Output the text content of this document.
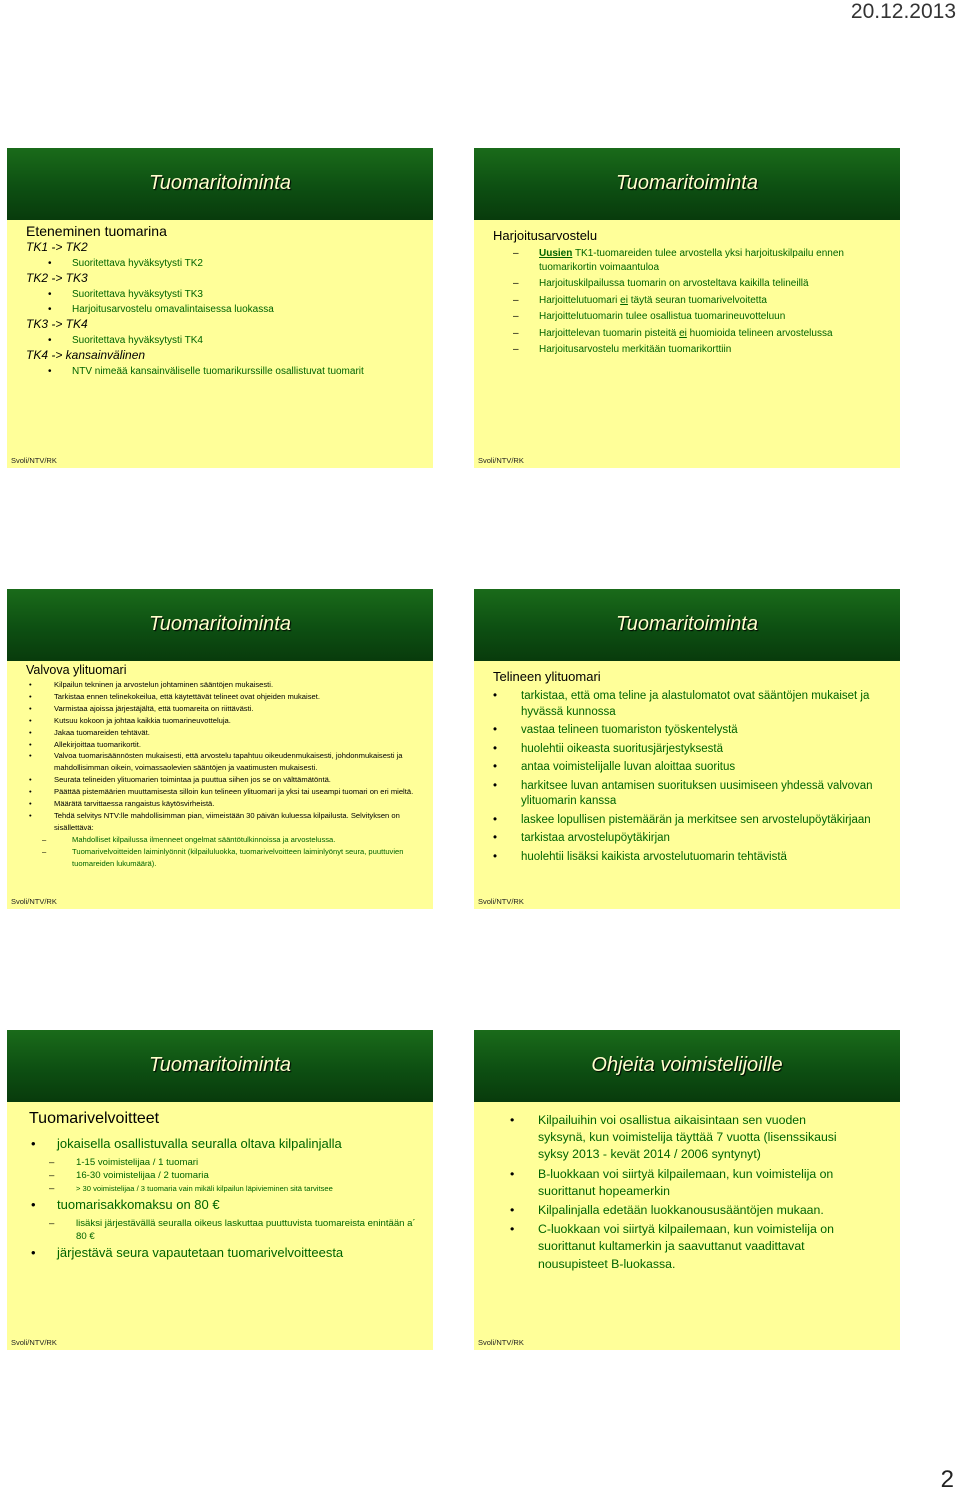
20.12.2013
Tuomaritoiminta
Eteneminen tuomarina
TK1 -> TK2
• Suoritettava hyväksytysti TK2
TK2 -> TK3
• Suoritettava hyväksytysti TK3
• Harjoitusarvostelu omavalintaisessa luokassa
TK3 -> TK4
• Suoritettava hyväksytysti TK4
TK4 -> kansainvälinen
• NTV nimeää kansainväliselle tuomarikurssille osallistuvat tuomarit
Svoli/NTV/RK
Tuomaritoiminta
Harjoitusarvostelu
– Uusien TK1-tuomareiden tulee arvostella yksi harjoituskilpailu ennen tuomarikortin voimaantuloa
– Harjoituskilpailussa tuomarin on arvosteltava kaikilla telineillä
– Harjoittelutuomari ei täytä seuran tuomarivelvoitetta
– Harjoittelutuomarin tulee osallistua tuomarineuvotteluun
– Harjoittelevan tuomarin pisteitä ei huomioida telineen arvostelussa
– Harjoitusarvostelu merkitään tuomarikorttiin
Svoli/NTV/RK
Tuomaritoiminta
Valvova ylituomari
•	Kilpailun tekninen ja arvostelun johtaminen sääntöjen mukaisesti.
•	Tarkistaa ennen telinekokeilua, että käytettävät telineet ovat ohjeiden mukaiset.
•	Varmistaa ajoissa järjestäjältä, että tuomareita on riittävästi.
•	Kutsuu kokoon ja johtaa kaikkia tuomarineuvotteluja.
•	Jakaa tuomareiden tehtävät.
•	Allekirjoittaa tuomarikortit.
•	Valvoa tuomarisäännösten mukaisesti, että arvostelu tapahtuu oikeudenmukaisesti, johdonmukaisesti ja mahdollisimman oikein, voimassaolevien sääntöjen ja vaatimusten mukaisesti.
•	Seurata telineiden ylituomarien toimintaa ja puuttua siihen jos se on välttämätöntä.
•	Päättää pistemäärien muuttamisesta silloin kun telineen ylituomari ja yksi tai useampi tuomari on eri mieltä.
•	Määrätä tarvittaessa rangaistus käytösvirheistä.
•	Tehdä selvitys NTV:lle mahdollisimman pian, viimeistään 30 päivän kuluessa kilpailusta. Selvityksen on sisällettävä:
–	Mahdolliset kilpailussa ilmenneet ongelmat sääntötulkinnoissa ja arvostelussa.
–	Tuomarivelvoitteiden laiminlyönnit (kilpailuluokka, tuomarivelvoitteen laiminlyönyt seura, puuttuvien tuomareiden lukumäärä).
Svoli/NTV/RK
Tuomaritoiminta
Telineen ylituomari
• tarkistaa, että oma teline ja alastulomatot ovat sääntöjen mukaiset ja hyvässä kunnossa
• vastaa telineen tuomariston työskentelystä
• huolehtii oikeasta suoritusjärjestyksestä
• antaa voimistelijalle luvan aloittaa suoritus
• harkitsee luvan antamisen suorituksen uusimiseen yhdessä valvovan ylituomarin kanssa
• laskee lopullisen pistemäärän ja merkitsee sen arvostelupöytäkirjaan
• tarkistaa arvostelupöytäkirjan
• huolehtii lisäksi kaikista arvostelutuomarin tehtävistä
Svoli/NTV/RK
Tuomaritoiminta
Tuomarivelvoitteet
• jokaisella osallistuvalla seuralla oltava kilpalinjalla
– 1-15 voimistelijaa / 1 tuomari
– 16-30 voimistelijaa / 2 tuomaria
–	> 30 voimistelijaa / 3 tuomaria vain mikäli kilpailun läpivieminen sitä tarvitsee
• tuomarisakkomaksu on 80 €
– lisäksi järjestävällä seuralla oikeus laskuttaa puuttuvista tuomareista enintään a´ 80 €
• järjestävä seura vapautetaan tuomarivelvoitteesta
Svoli/NTV/RK
Ohjeita voimistelijoille
• Kilpailuihin voi osallistua aikaisintaan sen vuoden syksynä, kun voimistelija täyttää 7 vuotta (lisenssikausi syksy 2013 - kevät 2014 / 2006 syntynyt)
• B-luokkaan voi siirtyä kilpailemaan, kun voimistelija on suorittanut hopeamerkin
• Kilpalinjalla edetään luokkanoususääntöjen mukaan.
• C-luokkaan voi siirtyä kilpailemaan, kun voimistelija on suorittanut kultamerkin ja saavuttanut vaadittavat nousupisteet B-luokassa.
Svoli/NTV/RK
2
